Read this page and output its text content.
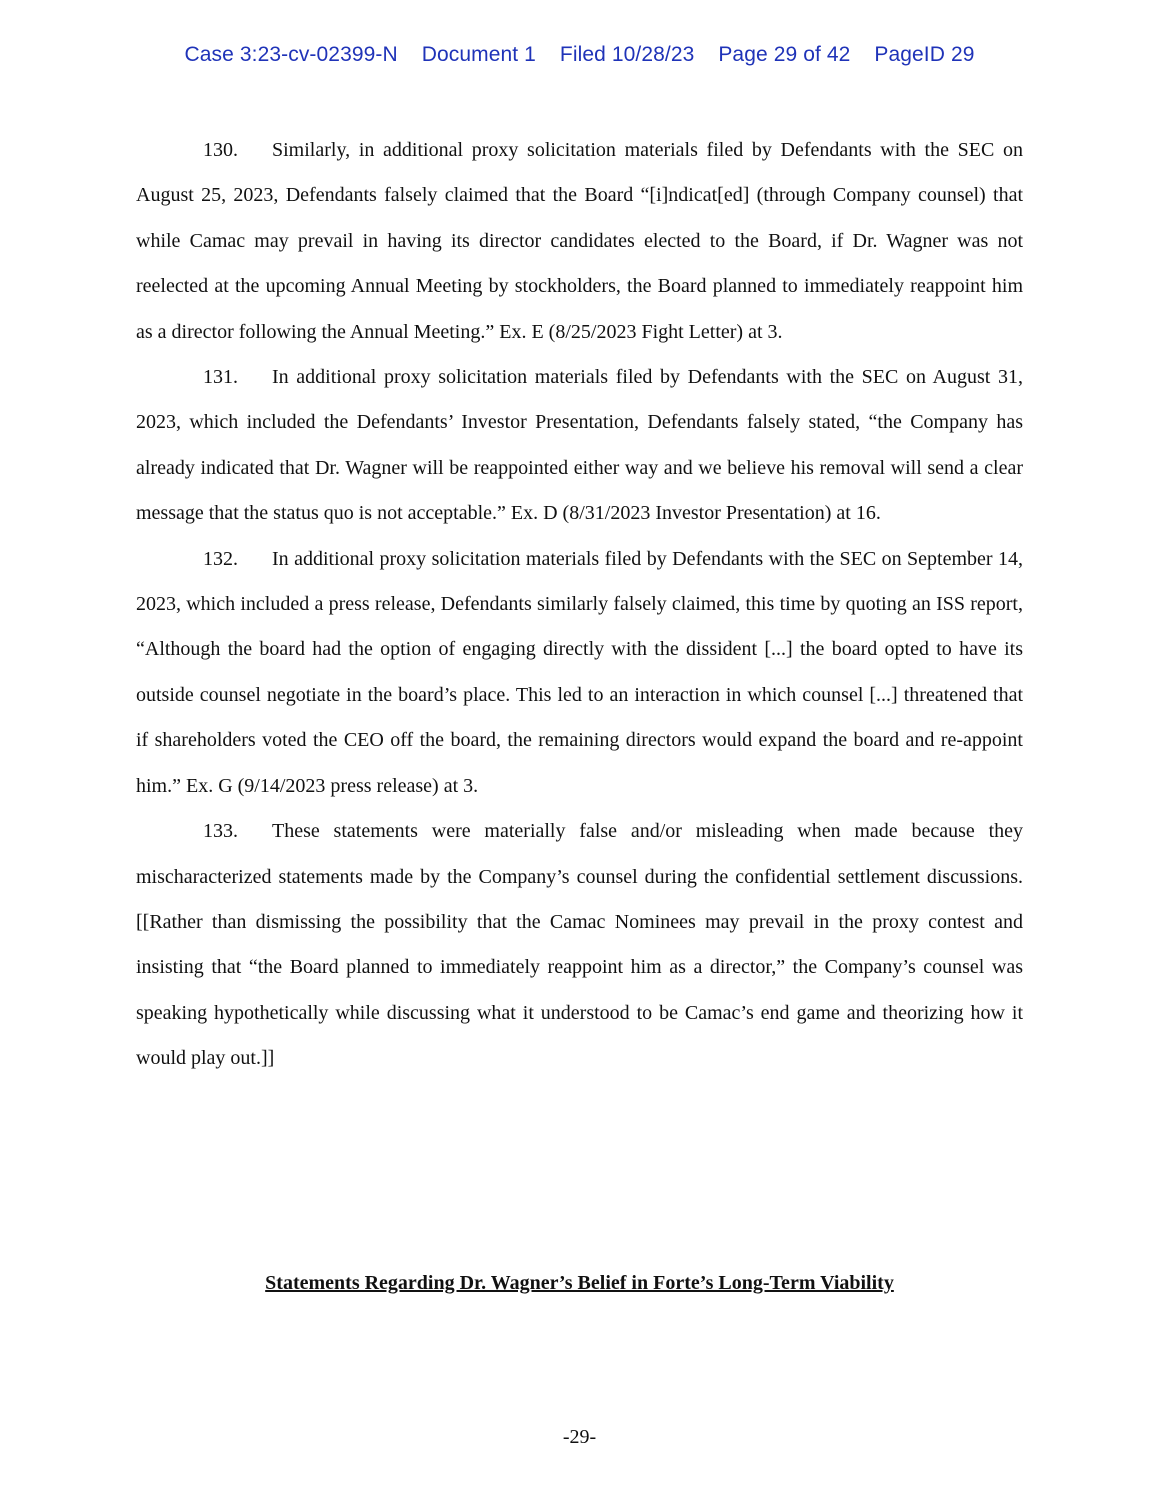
Case 3:23-cv-02399-N Document 1 Filed 10/28/23 Page 29 of 42 PageID 29

130. Similarly, in additional proxy solicitation materials filed by Defendants with the SEC on August 25, 2023, Defendants falsely claimed that the Board “[i]ndicat[ed] (through Company counsel) that while Camac may prevail in having its director candidates elected to the Board, if Dr. Wagner was not reelected at the upcoming Annual Meeting by stockholders, the Board planned to immediately reappoint him as a director following the Annual Meeting.” Ex. E (8/25/2023 Fight Letter) at 3.

131. In additional proxy solicitation materials filed by Defendants with the SEC on August 31, 2023, which included the Defendants’ Investor Presentation, Defendants falsely stated, “the Company has already indicated that Dr. Wagner will be reappointed either way and we believe his removal will send a clear message that the status quo is not acceptable.” Ex. D (8/31/2023 Investor Presentation) at 16.

132. In additional proxy solicitation materials filed by Defendants with the SEC on September 14, 2023, which included a press release, Defendants similarly falsely claimed, this time by quoting an ISS report, “Although the board had the option of engaging directly with the dissident [...] the board opted to have its outside counsel negotiate in the board’s place. This led to an interaction in which counsel [...] threatened that if shareholders voted the CEO off the board, the remaining directors would expand the board and re-appoint him.” Ex. G (9/14/2023 press release) at 3.

133. These statements were materially false and/or misleading when made because they mischaracterized statements made by the Company’s counsel during the confidential settlement discussions. [[Rather than dismissing the possibility that the Camac Nominees may prevail in the proxy contest and insisting that “the Board planned to immediately reappoint him as a director,” the Company’s counsel was speaking hypothetically while discussing what it understood to be Camac’s end game and theorizing how it would play out.]]

Statements Regarding Dr. Wagner’s Belief in Forte’s Long-Term Viability
-29-
